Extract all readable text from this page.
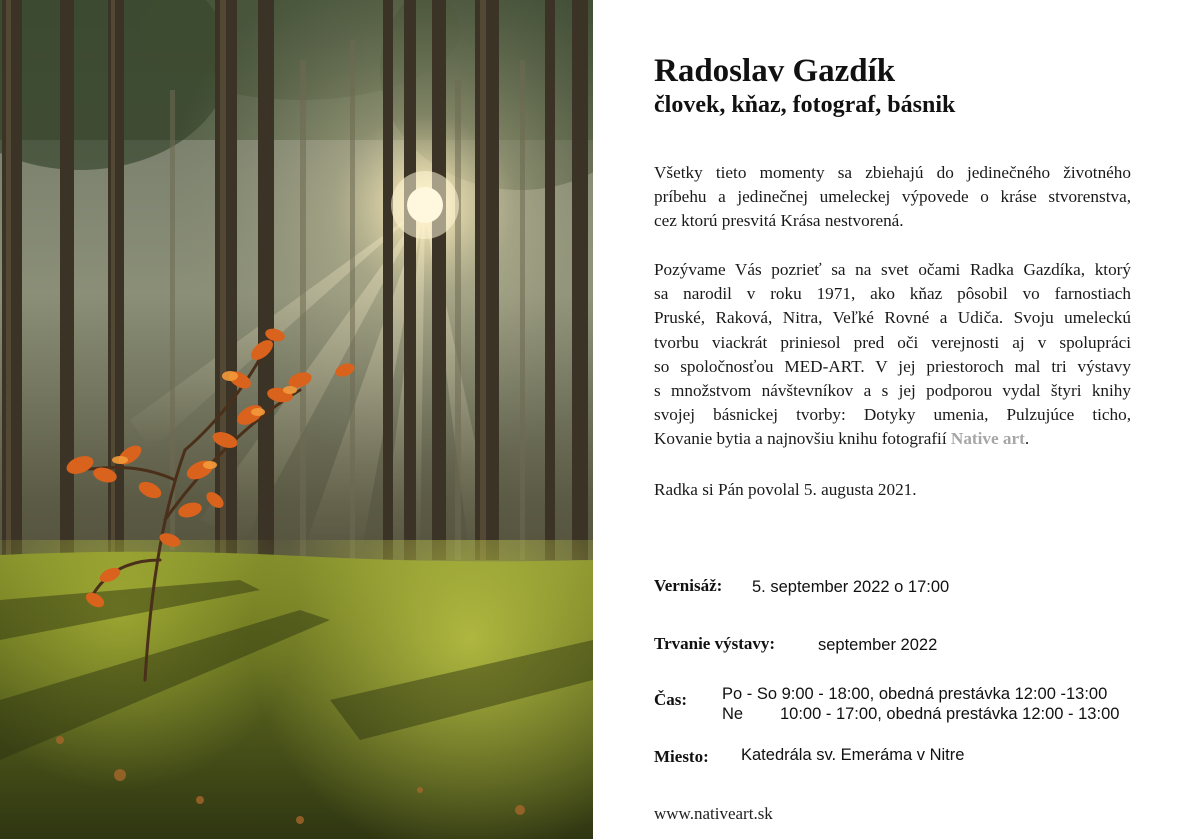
Radoslav Gazdík
človek, kňaz, fotograf, básnik
Všetky tieto momenty sa zbiehajú do jedinečného životného
príbehu a jedinečnej umeleckej výpovede o kráse stvorenstva,
cez ktorú presvitá Krása nestvorená.
Pozývame Vás pozrieť sa na svet očami Radka Gazdíka, ktorý
sa narodil v roku 1971, ako kňaz pôsobil vo farnostiach
Pruské, Raková, Nitra, Veľké Rovné a Udiča. Svoju umeleckú
tvorbu viackrát priniesol pred oči verejnosti aj v spolupráci
so spoločnosťou MED-ART. V jej priestoroch mal tri výstavy
s množstvom návštevníkov a s jej podporou vydal štyri knihy
svojej básnickej tvorby: Dotyky umenia, Pulzujúce ticho,
Kovanie bytia a najnovšiu knihu fotografií Native art.
Radka si Pán povolal 5. augusta 2021.

Vernisáž: 5. september 2022 o 17:00

Trvanie výstavy:	september 2022

Čas: Po - So 9:00 - 18:00, obedná prestávka 12:00 -13:00

Ne 10:00 - 17:00, obedná prestávka 12:00 - 13:00

Miesto: Katedrála sv. Emeráma v Nitre

www.nativeart.sk
